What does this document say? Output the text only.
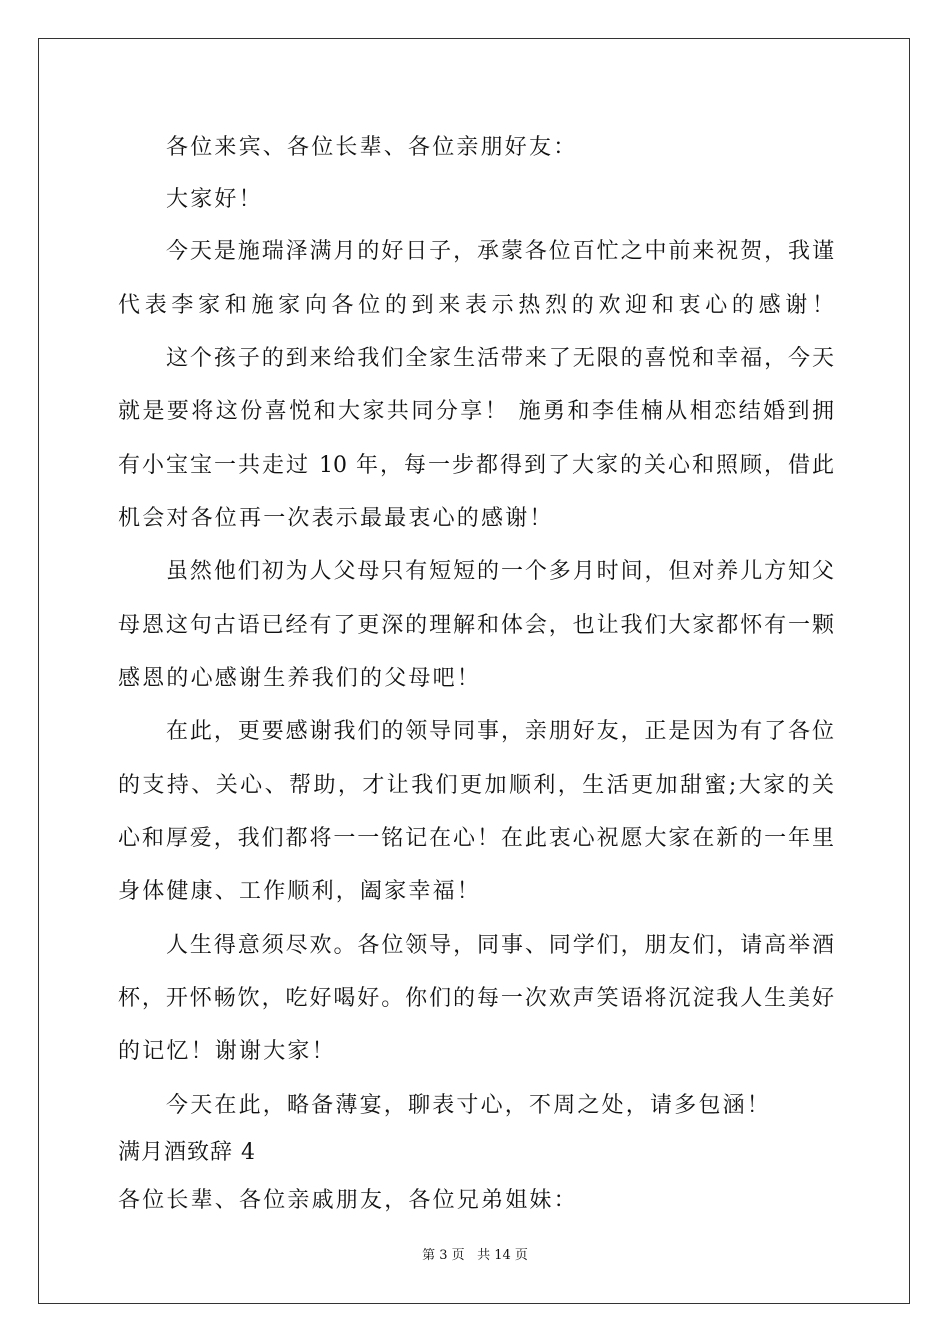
各位来宾、各位长辈、各位亲朋好友：
大家好！
今天是施瑞泽满月的好日子，承蒙各位百忙之中前来祝贺，我谨
代表李家和施家向各位的到来表示热烈的欢迎和衷心的感谢！
这个孩子的到来给我们全家生活带来了无限的喜悦和幸福，今天
就是要将这份喜悦和大家共同分享！ 施勇和李佳楠从相恋结婚到拥
有小宝宝一共走过 10 年，每一步都得到了大家的关心和照顾，借此
机会对各位再一次表示最最衷心的感谢！
虽然他们初为人父母只有短短的一个多月时间，但对养儿方知父
母恩这句古语已经有了更深的理解和体会，也让我们大家都怀有一颗
感恩的心感谢生养我们的父母吧！
在此，更要感谢我们的领导同事，亲朋好友，正是因为有了各位
的支持、关心、帮助，才让我们更加顺利，生活更加甜蜜;大家的关
心和厚爱，我们都将一一铭记在心！在此衷心祝愿大家在新的一年里
身体健康、工作顺利，阖家幸福！
人生得意须尽欢。各位领导，同事、同学们，朋友们，请高举酒
杯，开怀畅饮，吃好喝好。你们的每一次欢声笑语将沉淀我人生美好
的记忆！谢谢大家！
今天在此，略备薄宴，聊表寸心，不周之处，请多包涵！
满月酒致辞 4
各位长辈、各位亲戚朋友，各位兄弟姐妹：
第 3 页 共 14 页
